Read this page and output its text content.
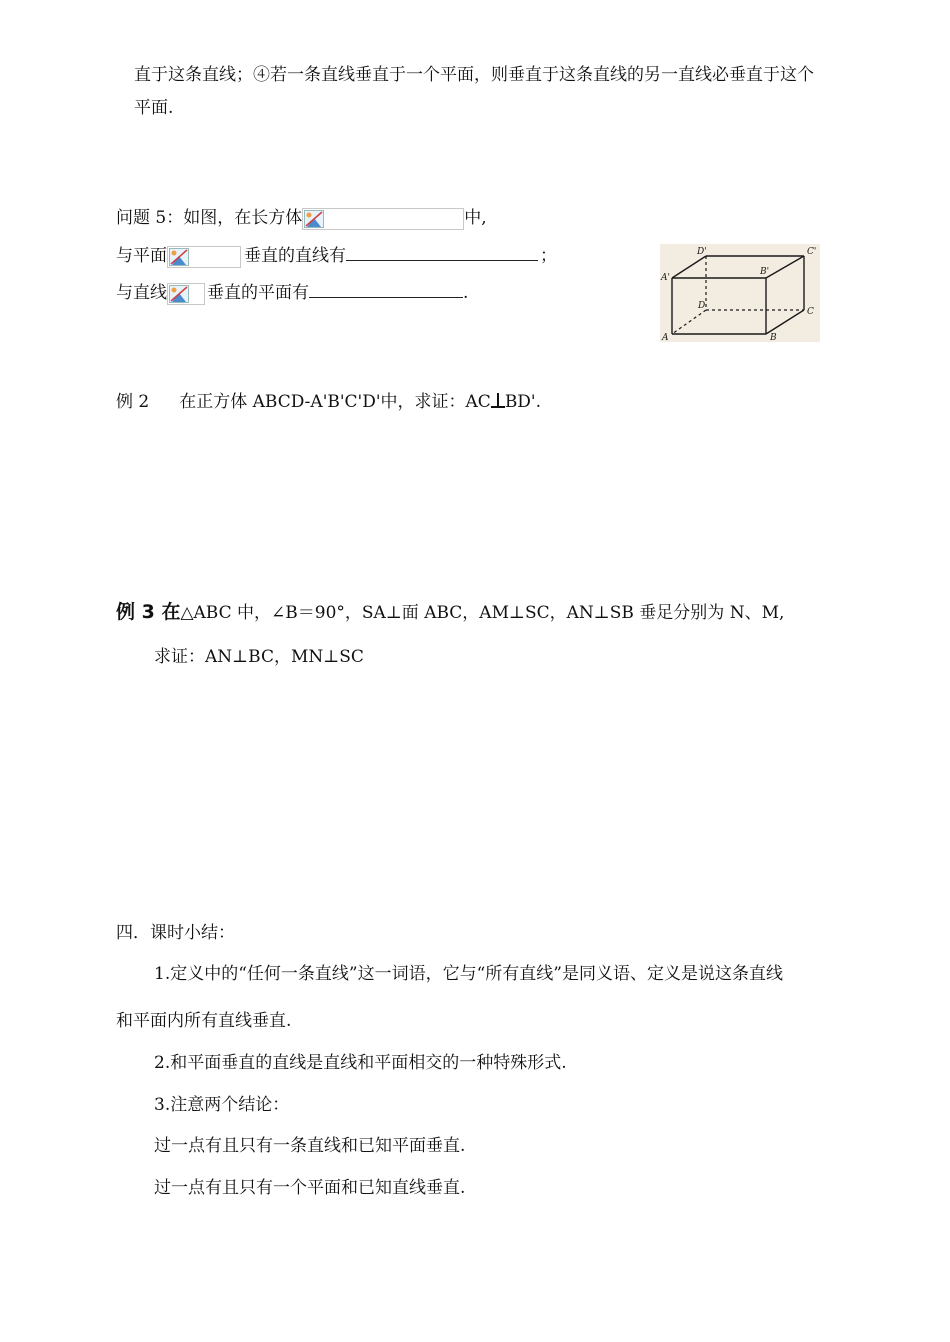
直于这条直线；④若一条直线垂直于一个平面，则垂直于这条直线的另一直线必垂直于这个
平面.
问题 5：如图，在长方体	中,
与平面	垂直的直线有	；
与直线 垂直的平面有	.
D'	C'
A'
B'
D
C
A	B
例 2 在正方体 ABCD-A'B'C'D'中，求证：AC BD'.
例 3 在△ABC 中，∠B＝90°，SA⊥面 ABC，AM⊥SC，AN⊥SB 垂足分别为 N、M,
求证：AN⊥BC，MN⊥SC
四．课时小结：
1.定义中的“任何一条直线”这一词语，它与“所有直线”是同义语、定义是说这条直线
和平面内所有直线垂直.
2.和平面垂直的直线是直线和平面相交的一种特殊形式.
3.注意两个结论：
过一点有且只有一条直线和已知平面垂直.
过一点有且只有一个平面和已知直线垂直.
